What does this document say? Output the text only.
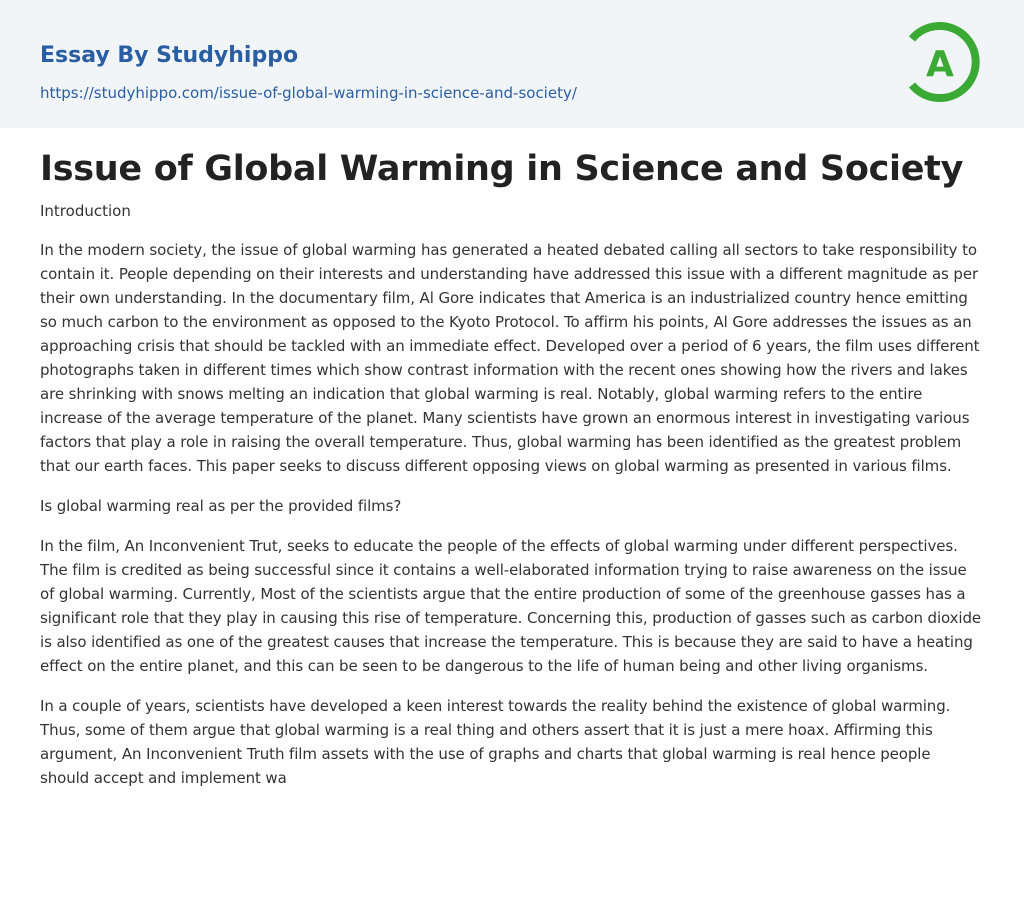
Essay By Studyhippo
https://studyhippo.com/issue-of-global-warming-in-science-and-society/
A
Issue of Global Warming in Science and Society
Introduction

In the modern society, the issue of global warming has generated a heated debated calling all sectors to take responsibility to contain it. People depending on their interests and understanding have addressed this issue with a different magnitude as per their own understanding. In the documentary film, Al Gore indicates that America is an industrialized country hence emitting so much carbon to the environment as opposed to the Kyoto Protocol. To affirm his points, Al Gore addresses the issues as an approaching crisis that should be tackled with an immediate effect. Developed over a period of 6 years, the film uses different photographs taken in different times which show contrast information with the recent ones showing how the rivers and lakes are shrinking with snows melting an indication that global warming is real. Notably, global warming refers to the entire increase of the average temperature of the planet. Many scientists have grown an enormous interest in investigating various factors that play a role in raising the overall temperature. Thus, global warming has been identified as the greatest problem that our earth faces. This paper seeks to discuss different opposing views on global warming as presented in various films.

Is global warming real as per the provided films?

In the film, An Inconvenient Trut, seeks to educate the people of the effects of global warming under different perspectives. The film is credited as being successful since it contains a well-elaborated information trying to raise awareness on the issue of global warming. Currently, Most of the scientists argue that the entire production of some of the greenhouse gasses has a significant role that they play in causing this rise of temperature. Concerning this, production of gasses such as carbon dioxide is also identified as one of the greatest causes that increase the temperature. This is because they are said to have a heating effect on the entire planet, and this can be seen to be dangerous to the life of human being and other living organisms.

In a couple of years, scientists have developed a keen interest towards the reality behind the existence of global warming. Thus, some of them argue that global warming is a real thing and others assert that it is just a mere hoax. Affirming this argument, An Inconvenient Truth film assets with the use of graphs and charts that global warming is real hence people should accept and implement wa
